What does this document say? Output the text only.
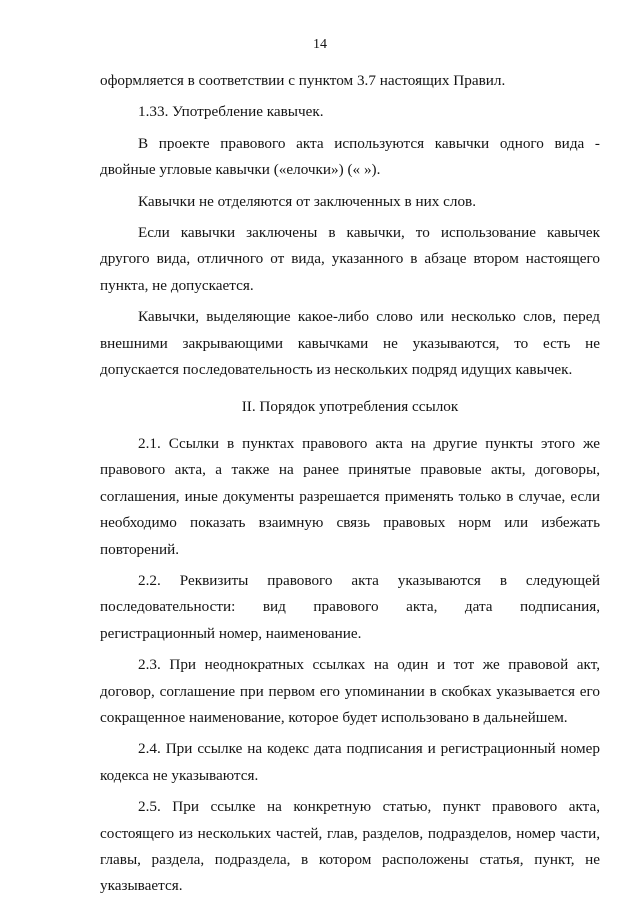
14

оформляется в соответствии с пунктом 3.7 настоящих Правил.

1.33. Употребление кавычек.

В проекте правового акта используются кавычки одного вида - двойные угловые кавычки («елочки») (« »).

Кавычки не отделяются от заключенных в них слов.

Если кавычки заключены в кавычки, то использование кавычек другого вида, отличного от вида, указанного в абзаце втором настоящего пункта, не допускается.

Кавычки, выделяющие какое-либо слово или несколько слов, перед внешними закрывающими кавычками не указываются, то есть не допускается последовательность из нескольких подряд идущих кавычек.

II. Порядок употребления ссылок

2.1. Ссылки в пунктах правового акта на другие пункты этого же правового акта, а также на ранее принятые правовые акты, договоры, соглашения, иные документы разрешается применять только в случае, если необходимо показать взаимную связь правовых норм или избежать повторений.

2.2. Реквизиты правового акта указываются в следующей последовательности: вид правового акта, дата подписания, регистрационный номер, наименование.

2.3. При неоднократных ссылках на один и тот же правовой акт, договор, соглашение при первом его упоминании в скобках указывается его сокращенное наименование, которое будет использовано в дальнейшем.

2.4. При ссылке на кодекс дата подписания и регистрационный номер кодекса не указываются.

2.5. При ссылке на конкретную статью, пункт правового акта, состоящего из нескольких частей, глав, разделов, подразделов, номер части, главы, раздела, подраздела, в котором расположены статья, пункт, не указывается.
